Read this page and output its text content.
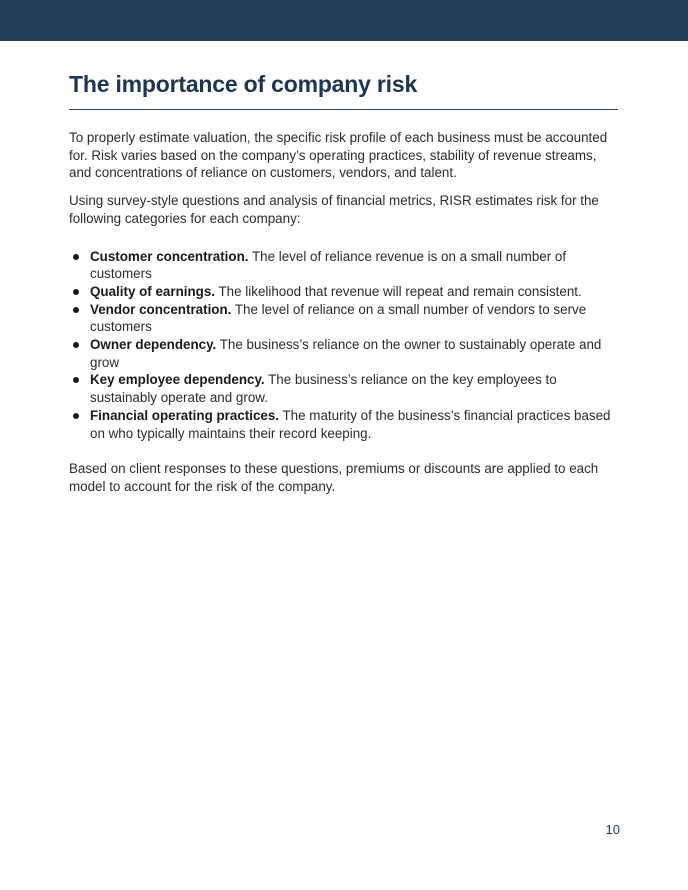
The importance of company risk

To properly estimate valuation, the specific risk profile of each business must be accounted for. Risk varies based on the company’s operating practices, stability of revenue streams, and concentrations of reliance on customers, vendors, and talent.

Using survey-style questions and analysis of financial metrics, RISR estimates risk for the following categories for each company:

Customer concentration. The level of reliance revenue is on a small number of customers
Quality of earnings. The likelihood that revenue will repeat and remain consistent.
Vendor concentration. The level of reliance on a small number of vendors to serve customers
Owner dependency. The business’s reliance on the owner to sustainably operate and grow
Key employee dependency. The business’s reliance on the key employees to sustainably operate and grow.
Financial operating practices. The maturity of the business’s financial practices based on who typically maintains their record keeping.

Based on client responses to these questions, premiums or discounts are applied to each model to account for the risk of the company.

10
